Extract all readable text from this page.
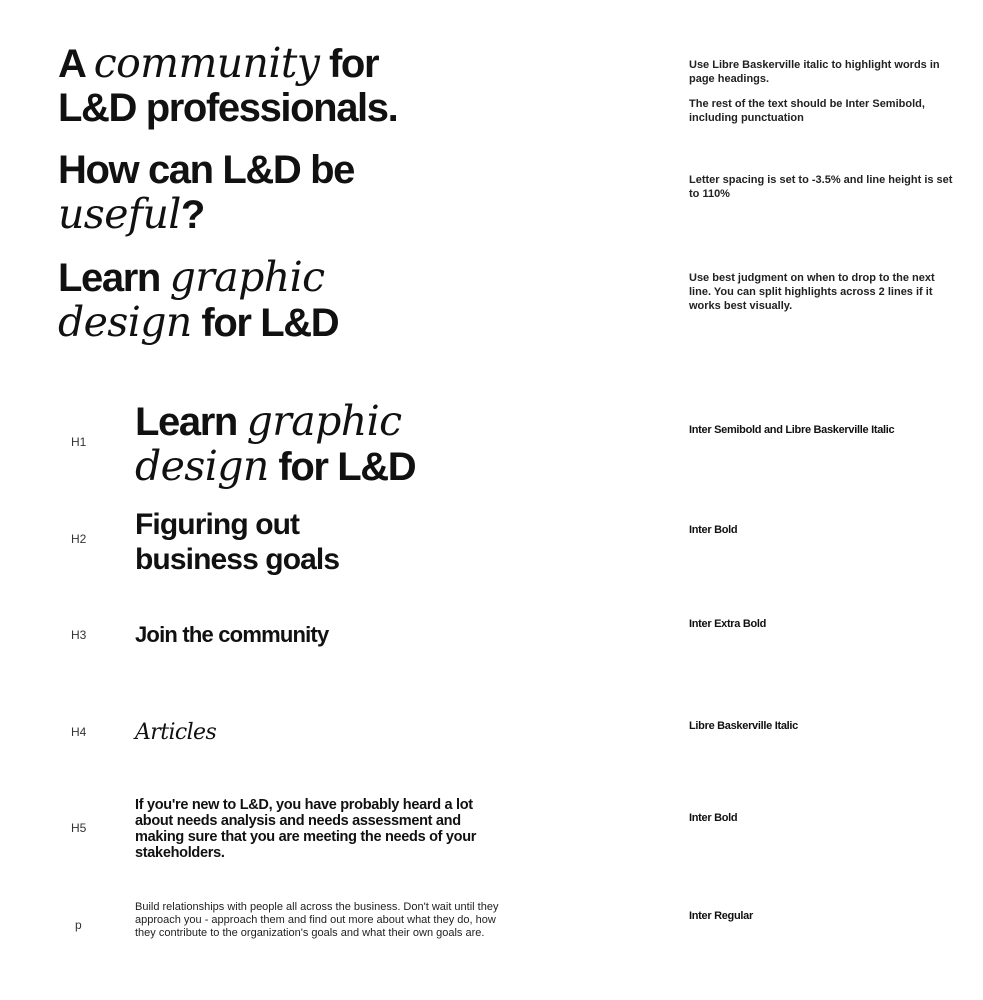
A community for
L&D professionals.

Use Libre Baskerville italic to highlight words in page headings.

The rest of the text should be Inter Semibold, including punctuation

How can L&D be
useful?

Letter spacing is set to -3.5% and line height is set to 110%

Learn graphic
design for L&D

Use best judgment on when to drop to the next line. You can split highlights across 2 lines if it works best visually.

H1 Learn graphic
design for L&D
Inter Semibold and Libre Baskerville Italic
H2 Figuring out
business goals
Inter Bold
H3 Join the community	Inter Extra Bold
H4 Articles	Libre Baskerville Italic
H5
If you're new to L&D, you have probably heard a lot about needs analysis and needs assessment and making sure that you are meeting the needs of your stakeholders.
Inter Bold
p
Build relationships with people all across the business. Don't wait until they approach you - approach them and find out more about what they do, how they contribute to the organization's goals and what their own goals are.
Inter Regular
